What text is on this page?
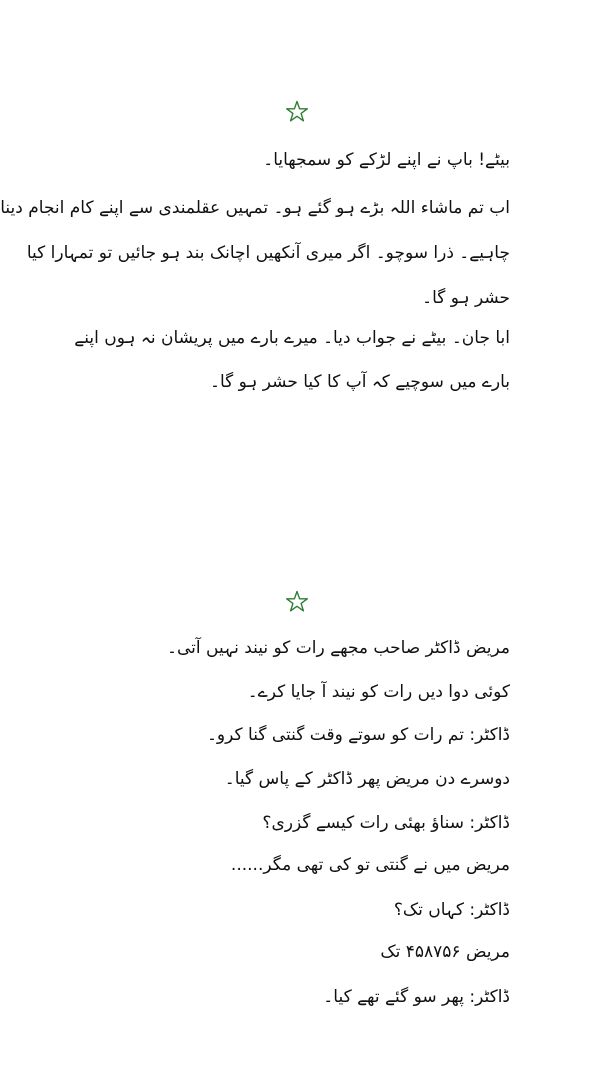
بیٹے! باپ نے اپنے لڑکے کو سمجھایا۔
اب تم ماشاء اللہ بڑے ہو گئے ہو۔ تمہیں عقلمندی سے اپنے کام انجام دینا
چاہیے۔ ذرا سوچو۔ اگر میری آنکھیں اچانک بند ہو جائیں تو تمہارا کیا
حشر ہو گا۔
ابا جان۔ بیٹے نے جواب دیا۔ میرے بارے میں پریشان نہ ہوں اپنے
بارے میں سوچیے کہ آپ کا کیا حشر ہو گا۔
مریض ڈاکٹر صاحب مجھے رات کو نیند نہیں آتی۔
کوئی دوا دیں رات کو نیند آ جایا کرے۔
ڈاکٹر: تم رات کو سوتے وقت گنتی گنا کرو۔
دوسرے دن مریض پھر ڈاکٹر کے پاس گیا۔
ڈاکٹر: سناؤ بھئی رات کیسے گزری؟
مریض میں نے گنتی تو کی تھی مگر......
ڈاکٹر: کہاں تک؟
مریض ۴۵۸۷۵۶ تک
ڈاکٹر: پھر سو گئے تھے کیا۔
